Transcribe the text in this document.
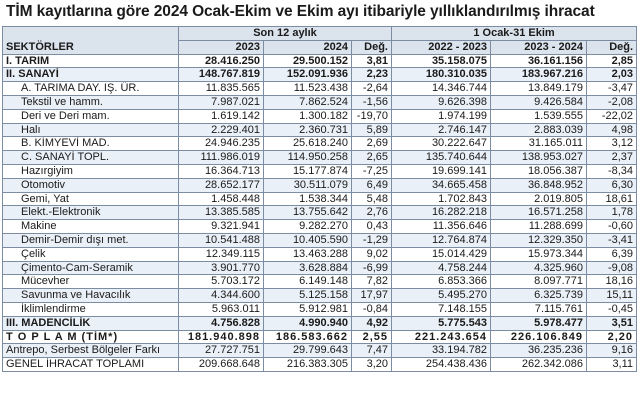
TİM kayıtlarına göre 2024 Ocak-Ekim ve Ekim ayı itibariyle yıllıklandırılmış ihracat
SEKTÖRLER	Son 12 aylık			1 Ocak-31 Ekim		
	2023	2024	Değ.	2022 - 2023	2023 - 2024	Değ.
I. TARIM	28.416.250	29.500.152	3,81	35.158.075	36.161.156	2,85
II. SANAYİ	148.767.819	152.091.936	2,23	180.310.035	183.967.216	2,03
A. TARIMA DAY. IŞ. ÜR.	11.835.565	11.523.438	-2,64	14.346.744	13.849.179	-3,47
Tekstil ve hamm.	7.987.021	7.862.524	-1,56	9.626.398	9.426.584	-2,08
Deri ve Deri mam.	1.619.142	1.300.182	-19,70	1.974.199	1.539.555	-22,02
Halı	2.229.401	2.360.731	5,89	2.746.147	2.883.039	4,98
B. KİMYEVİ MAD.	24.946.235	25.618.240	2,69	30.222.647	31.165.011	3,12
C. SANAYİ TOPL.	111.986.019	114.950.258	2,65	135.740.644	138.953.027	2,37
Hazırgiyim	16.364.713	15.177.874	-7,25	19.699.141	18.056.387	-8,34
Otomotiv	28.652.177	30.511.079	6,49	34.665.458	36.848.952	6,30
Gemi, Yat	1.458.448	1.538.344	5,48	1.702.843	2.019.805	18,61
Elekt.-Elektronik	13.385.585	13.755.642	2,76	16.282.218	16.571.258	1,78
Makine	9.321.941	9.282.270	0,43	11.356.646	11.288.699	-0,60
Demir-Demir dışı met.	10.541.488	10.405.590	-1,29	12.764.874	12.329.350	-3,41
Çelik	12.349.115	13.463.288	9,02	15.014.429	15.973.344	6,39
Çimento-Cam-Seramik	3.901.770	3.628.884	-6,99	4.758.244	4.325.960	-9,08
Mücevher	5.703.172	6.149.148	7,82	6.853.366	8.097.771	18,16
Savunma ve Havacılık	4.344.600	5.125.158	17,97	5.495.270	6.325.739	15,11
İklimlendirme	5.963.011	5.912.981	-0,84	7.148.155	7.115.761	-0,45
III. MADENCİLİK	4.756.828	4.990.940	4,92	5.775.543	5.978.477	3,51
T O P L A M (TİM*)	181.940.898	186.583.662	2,55	221.243.654	226.106.849	2,20
Antrepo, Serbest Bölgeler Farkı	27.727.751	29.799.643	7,47	33.194.782	36.235.236	9,16
GENEL İHRACAT TOPLAMI	209.668.648	216.383.305	3,20	254.438.436	262.342.086	3,11
